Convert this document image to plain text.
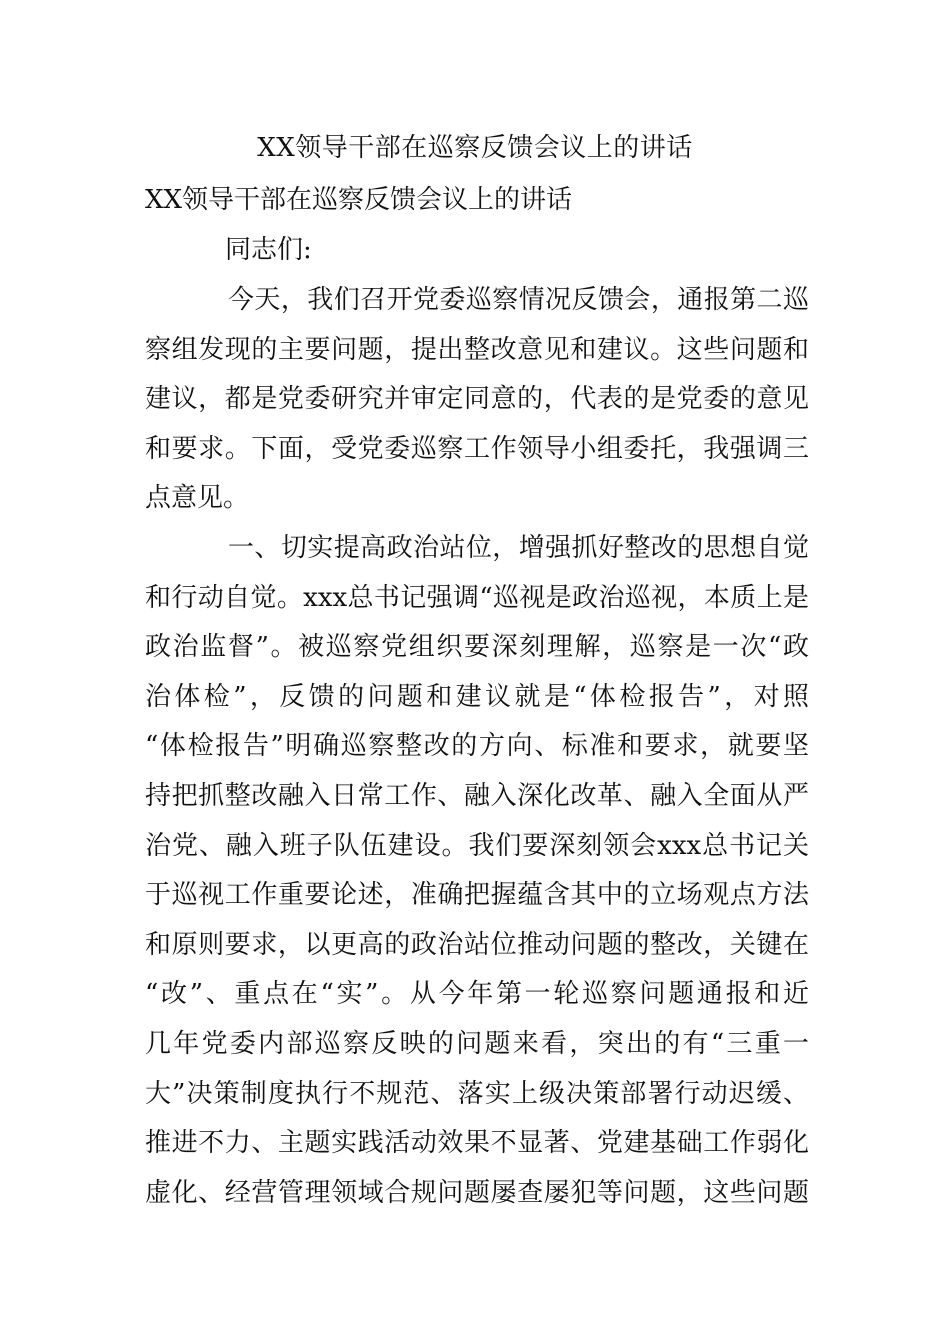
XX领导干部在巡察反馈会议上的讲话
XX领导干部在巡察反馈会议上的讲话
同志们:
今天，我们召开党委巡察情况反馈会，通报第二巡
察组发现的主要问题，提出整改意见和建议。这些问题和
建议，都是党委研究并审定同意的，代表的是党委的意见
和要求。下面，受党委巡察工作领导小组委托，我强调三
点意见。
一、切实提高政治站位，增强抓好整改的思想自觉
和行动自觉。xxx总书记强调“巡视是政治巡视，本质上是
政治监督”。被巡察党组织要深刻理解，巡察是一次“政
治体检”，反馈的问题和建议就是“体检报告”，对照
“体检报告”明确巡察整改的方向、标准和要求，就要坚
持把抓整改融入日常工作、融入深化改革、融入全面从严
治党、融入班子队伍建设。我们要深刻领会xxx总书记关
于巡视工作重要论述，准确把握蕴含其中的立场观点方法
和原则要求，以更高的政治站位推动问题的整改，关键在
“改”、重点在“实”。从今年第一轮巡察问题通报和近
几年党委内部巡察反映的问题来看，突出的有“三重一
大”决策制度执行不规范、落实上级决策部署行动迟缓、
推进不力、主题实践活动效果不显著、党建基础工作弱化
虚化、经营管理领域合规问题屡查屡犯等问题，这些问题
